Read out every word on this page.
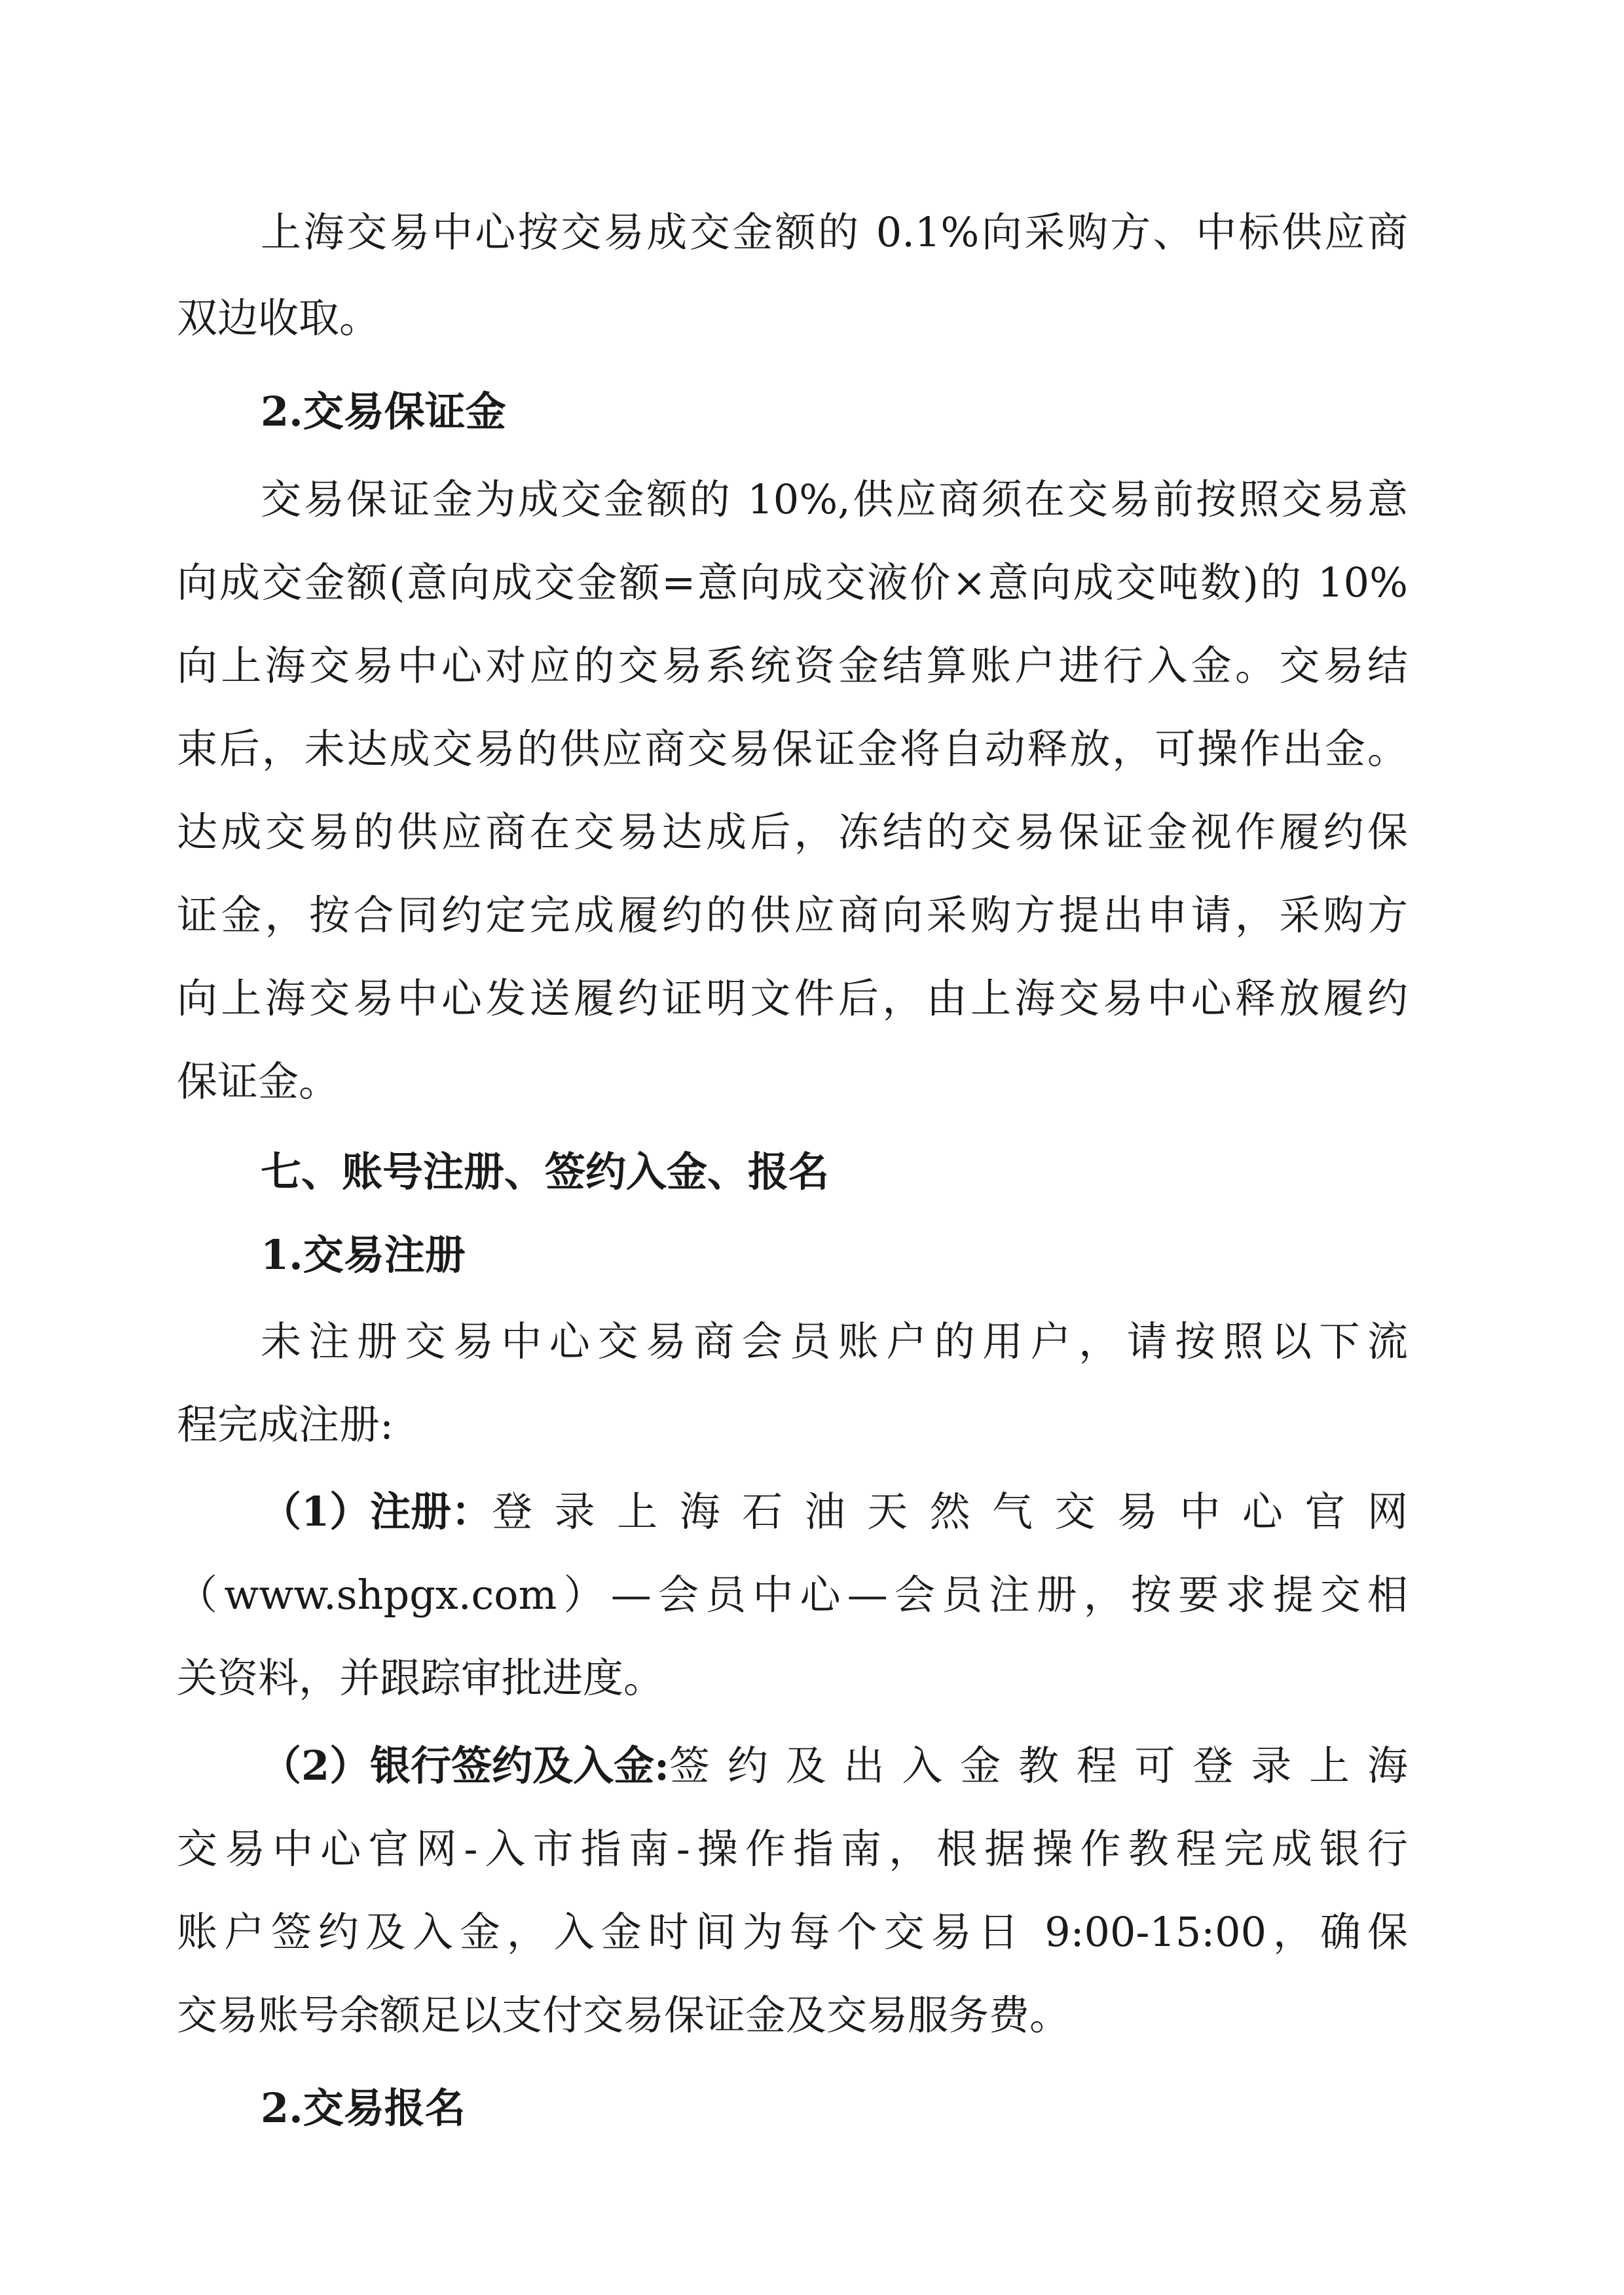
上海交易中心按交易成交金额的 0.1%向采购方、中标供应商

双边收取。

2.交易保证金

交易保证金为成交金额的 10%,供应商须在交易前按照交易意

向成交金额(意向成交金额=意向成交液价×意向成交吨数)的 10%

向上海交易中心对应的交易系统资金结算账户进行入金。交易结

束后，未达成交易的供应商交易保证金将自动释放，可操作出金。

达成交易的供应商在交易达成后，冻结的交易保证金视作履约保

证金，按合同约定完成履约的供应商向采购方提出申请，采购方

向上海交易中心发送履约证明文件后，由上海交易中心释放履约

保证金。

七、账号注册、签约入金、报名

1.交易注册

未注册交易中心交易商会员账户的用户，请按照以下流

程完成注册:

（1）注册： 登录上海石油天然气交易中心官网

（www.shpgx.com）—会员中心—会员注册，按要求提交相

关资料，并跟踪审批进度。

（2）银行签约及入金: 签约及出入金教程可登录上海

交易中心官网-入市指南-操作指南，根据操作教程完成银行

账户签约及入金，入金时间为每个交易日 9:00-15:00，确保

交易账号余额足以支付交易保证金及交易服务费。

2.交易报名
